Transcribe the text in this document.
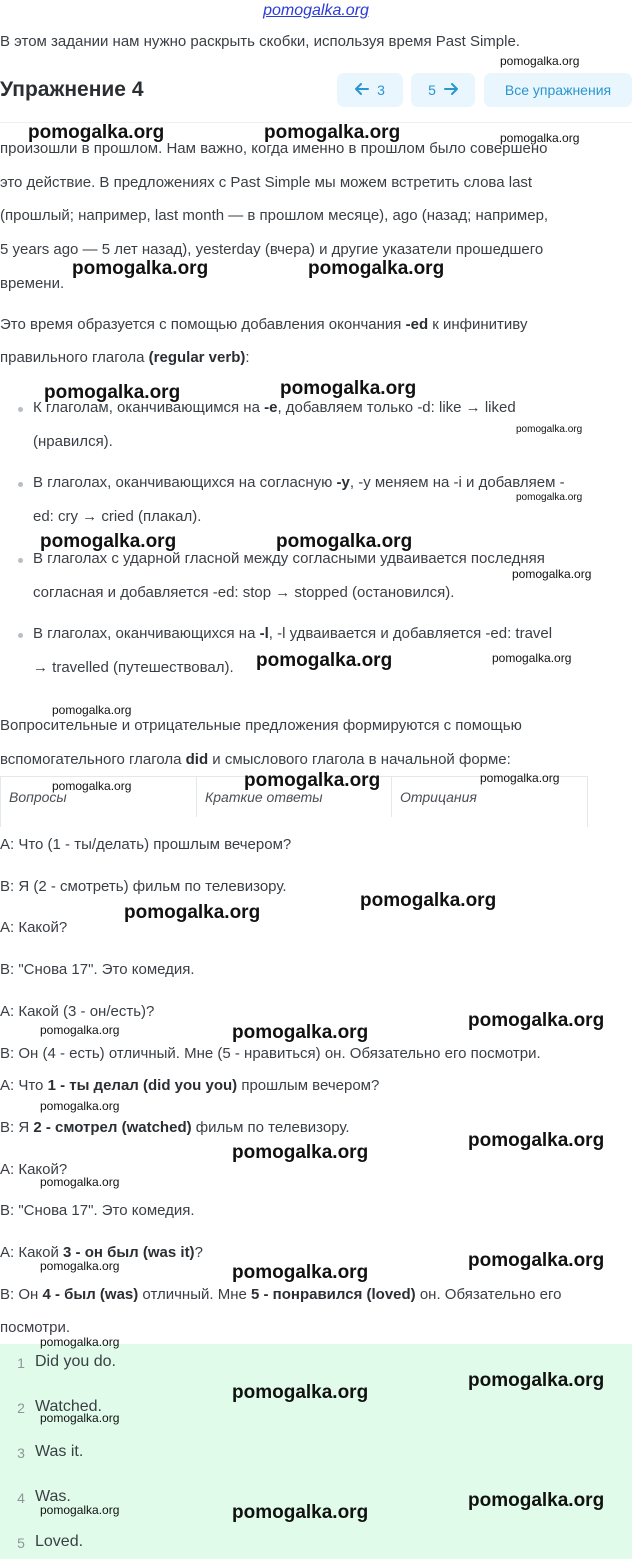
pomogalka.org

В этом задании нам нужно раскрыть скобки, используя время Past Simple.

Упражнение 4	3	5	Все упражнения

произошли в прошлом. Нам важно, когда именно в прошлом было совершено

это действие. В предложениях с Past Simple мы можем встретить слова last

(прошлый; например, last month — в прошлом месяце), ago (назад; например,

5 years ago — 5 лет назад), yesterday (вчера) и другие указатели прошедшего

времени.

Это время образуется с помощью добавления окончания -ed к инфинитиву

правильного глагола (regular verb):

К глаголам, оканчивающимся на -e, добавляем только -d: like → liked
(нравился).
В глаголах, оканчивающихся на согласную -y, -y меняем на -i и добавляем -
ed: cry → cried (плакал).
В глаголах с ударной гласной между согласными удваивается последняя
согласная и добавляется -ed: stop → stopped (остановился).
В глаголах, оканчивающихся на -l, -l удваивается и добавляется -ed: travel
→ travelled (путешествовал).

Вопросительные и отрицательные предложения формируются с помощью

вспомогательного глагола did и смыслового глагола в начальной форме:

Вопросы	Краткие ответы	Отрицания

A: Что (1 - ты/делать) прошлым вечером?

B: Я (2 - смотреть) фильм по телевизору.

A: Какой?

B: "Снова 17". Это комедия.

A: Какой (3 - он/есть)?

B: Он (4 - есть) отличный. Мне (5 - нравиться) он. Обязательно его посмотри.

A: Что 1 - ты делал (did you you) прошлым вечером?

B: Я 2 - смотрел (watched) фильм по телевизору.

A: Какой?

B: "Снова 17". Это комедия.

A: Какой 3 - он был (was it)?

B: Он 4 - был (was) отличный. Мне 5 - понравился (loved) он. Обязательно его

посмотри.

1 Did you do.
2 Watched.
3 Was it.
4 Was.
5 Loved.
pomogalka.org	pomogalka.org
pomogalka.org	pomogalka.org
pomogalka.org	pomogalka.org
pomogalka.org	pomogalka.org
pomogalka.org
pomogalka.org
pomogalka.org
pomogalka.org
pomogalka.org
pomogalka.org
pomogalka.org
pomogalka.org
pomogalka.org
pomogalka.org
pomogalka.org
pomogalka.org
pomogalka.org
pomogalka.org
pomogalka.org
pomogalka.org
pomogalka.org
pomogalka.org
pomogalka.org
pomogalka.org
pomogalka.org
pomogalka.org
pomogalka.org
pomogalka.org
pomogalka.org
pomogalka.org
pomogalka.org
pomogalka.org
pomogalka.org
pomogalka.org
